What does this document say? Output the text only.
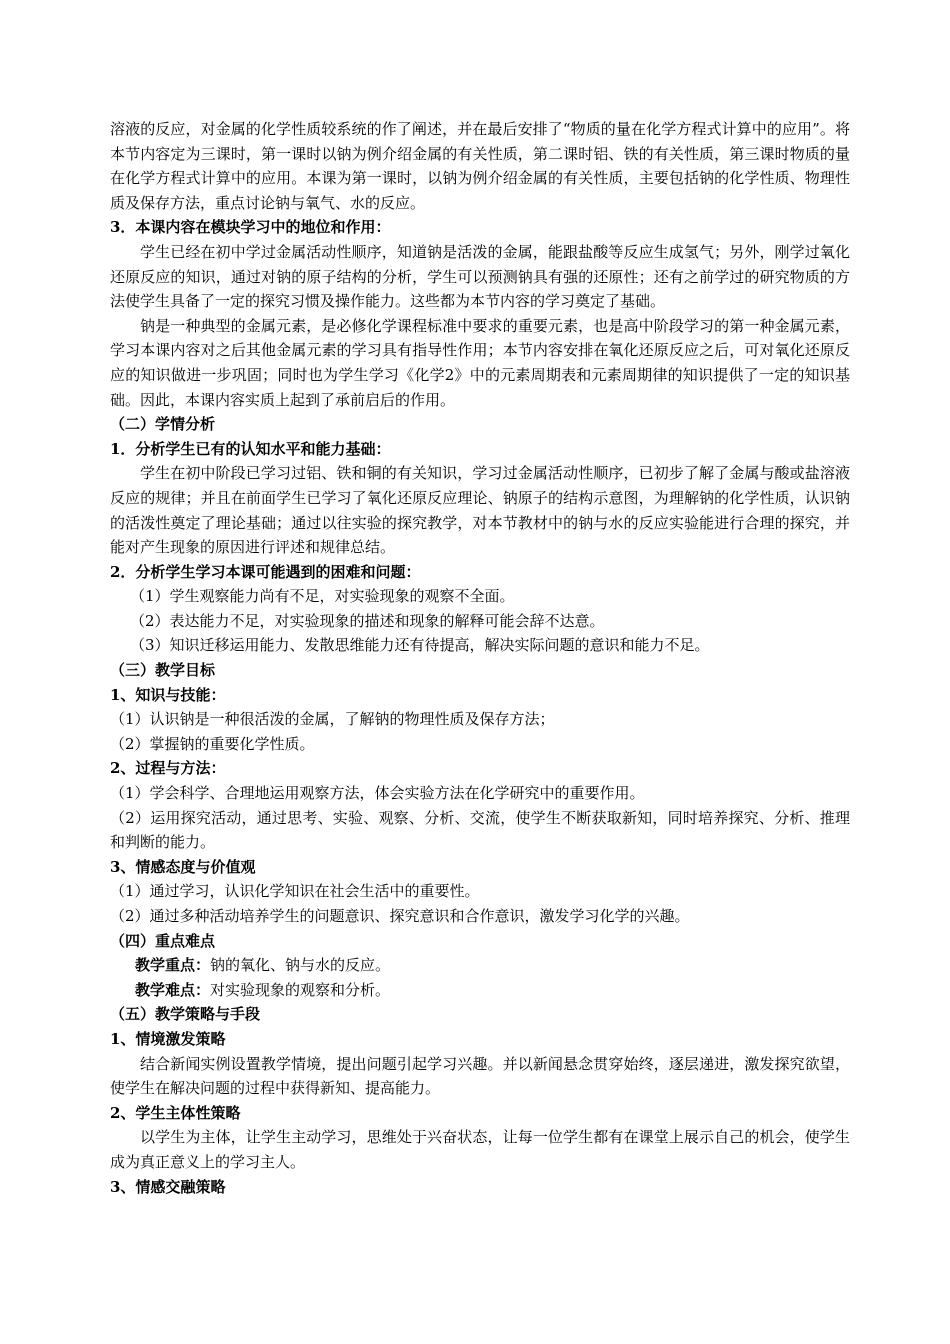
溶液的反应，对金属的化学性质较系统的作了阐述，并在最后安排了“物质的量在化学方程式计算中的应用”。将本节内容定为三课时，第一课时以钠为例介绍金属的有关性质，第二课时铝、铁的有关性质，第三课时物质的量在化学方程式计算中的应用。本课为第一课时，以钠为例介绍金属的有关性质，主要包括钠的化学性质、物理性质及保存方法，重点讨论钠与氧气、水的反应。

3．本课内容在模块学习中的地位和作用：

学生已经在初中学过金属活动性顺序，知道钠是活泼的金属，能跟盐酸等反应生成氢气；另外，刚学过氧化还原反应的知识，通过对钠的原子结构的分析，学生可以预测钠具有强的还原性；还有之前学过的研究物质的方法使学生具备了一定的探究习惯及操作能力。这些都为本节内容的学习奠定了基础。

钠是一种典型的金属元素，是必修化学课程标准中要求的重要元素，也是高中阶段学习的第一种金属元素，学习本课内容对之后其他金属元素的学习具有指导性作用；本节内容安排在氧化还原反应之后，可对氧化还原反应的知识做进一步巩固；同时也为学生学习《化学2》中的元素周期表和元素周期律的知识提供了一定的知识基础。因此，本课内容实质上起到了承前启后的作用。

（二）学情分析

1．分析学生已有的认知水平和能力基础：

学生在初中阶段已学习过铝、铁和铜的有关知识，学习过金属活动性顺序，已初步了解了金属与酸或盐溶液反应的规律；并且在前面学生已学习了氧化还原反应理论、钠原子的结构示意图，为理解钠的化学性质，认识钠的活泼性奠定了理论基础；通过以往实验的探究教学，对本节教材中的钠与水的反应实验能进行合理的探究，并能对产生现象的原因进行评述和规律总结。

2．分析学生学习本课可能遇到的困难和问题：

（1）学生观察能力尚有不足，对实验现象的观察不全面。

（2）表达能力不足，对实验现象的描述和现象的解释可能会辞不达意。

（3）知识迁移运用能力、发散思维能力还有待提高，解决实际问题的意识和能力不足。

（三）教学目标

1、知识与技能：

（1）认识钠是一种很活泼的金属，了解钠的物理性质及保存方法；

（2）掌握钠的重要化学性质。

2、过程与方法：

（1）学会科学、合理地运用观察方法，体会实验方法在化学研究中的重要作用。

（2）运用探究活动，通过思考、实验、观察、分析、交流，使学生不断获取新知，同时培养探究、分析、推理和判断的能力。

3、情感态度与价值观

（1）通过学习，认识化学知识在社会生活中的重要性。

（2）通过多种活动培养学生的问题意识、探究意识和合作意识，激发学习化学的兴趣。

（四）重点难点

教学重点：钠的氧化、钠与水的反应。

教学难点：对实验现象的观察和分析。

（五）教学策略与手段

1、情境激发策略

结合新闻实例设置教学情境，提出问题引起学习兴趣。并以新闻悬念贯穿始终，逐层递进，激发探究欲望，使学生在解决问题的过程中获得新知、提高能力。

2、学生主体性策略

以学生为主体，让学生主动学习，思维处于兴奋状态，让每一位学生都有在课堂上展示自己的机会，使学生成为真正意义上的学习主人。

3、情感交融策略
